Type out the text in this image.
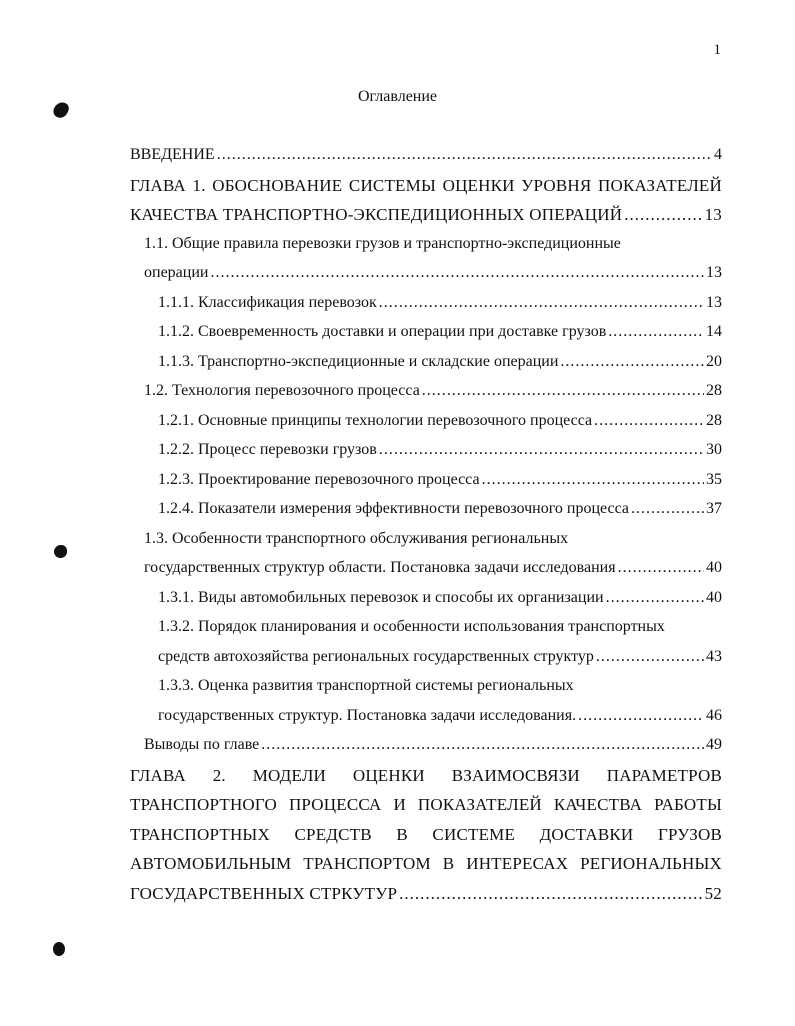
1
Оглавление
ВВЕДЕНИЕ .....	4
ГЛАВА 1. ОБОСНОВАНИЕ СИСТЕМЫ ОЦЕНКИ УРОВНЯ ПОКАЗАТЕЛЕЙ
КАЧЕСТВА ТРАНСПОРТНО-ЭКСПЕДИЦИОННЫХ ОПЕРАЦИЙ .....	13
1.1. Общие правила перевозки грузов и транспортно-экспедиционные
операции .....	13
1.1.1. Классификация перевозок .....	13
1.1.2. Своевременность доставки и операции при доставке грузов .....	14
1.1.3. Транспортно-экспедиционные и складские операции .....	20
1.2. Технология перевозочного процесса .....	28
1.2.1. Основные принципы технологии перевозочного процесса .....	28
1.2.2. Процесс перевозки грузов .....	30
1.2.3. Проектирование перевозочного процесса .....	35
1.2.4. Показатели измерения эффективности перевозочного процесса .....	37
1.3. Особенности транспортного обслуживания региональных
государственных структур области. Постановка задачи исследования .....	40
1.3.1. Виды автомобильных перевозок и способы их организации .....	40
1.3.2. Порядок планирования и особенности использования транспортных
средств автохозяйства региональных государственных структур .....	43
1.3.3. Оценка развития транспортной системы региональных
государственных структур. Постановка задачи исследования. .....	46
Выводы по главе .....	49
ГЛАВА 2. МОДЕЛИ ОЦЕНКИ ВЗАИМОСВЯЗИ ПАРАМЕТРОВ
ТРАНСПОРТНОГО ПРОЦЕССА И ПОКАЗАТЕЛЕЙ КАЧЕСТВА РАБОТЫ
ТРАНСПОРТНЫХ СРЕДСТВ В СИСТЕМЕ ДОСТАВКИ ГРУЗОВ
АВТОМОБИЛЬНЫМ ТРАНСПОРТОМ В ИНТЕРЕСАХ РЕГИОНАЛЬНЫХ
ГОСУДАРСТВЕННЫХ СТРКУТУР .....	52
